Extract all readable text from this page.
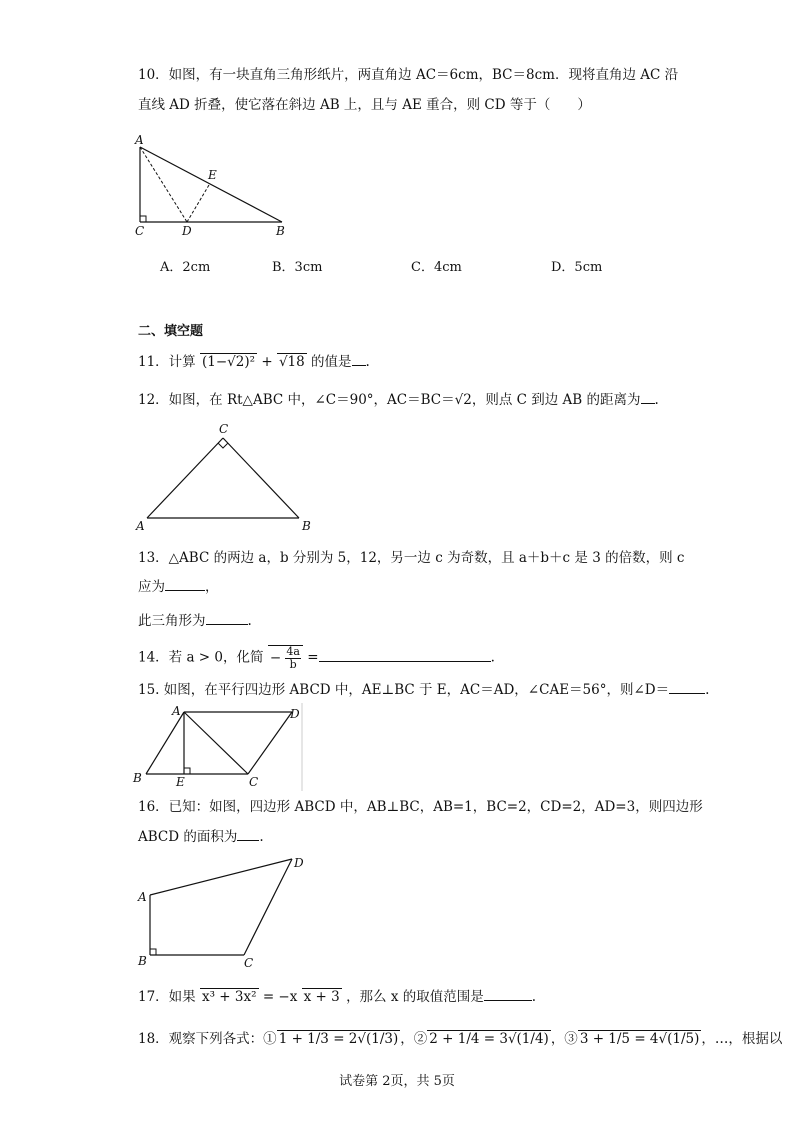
10．如图，有一块直角三角形纸片，两直角边 AC＝6cm，BC＝8cm．现将直角边 AC 沿
直线 AD 折叠，使它落在斜边 AB 上，且与 AE 重合，则 CD 等于（　　）
A
E
C	D	B
A．2cm	B．3cm	C．4cm	D．5cm
二、填空题
11．计算 (1−√2)² + √18 的值是 .
12．如图，在 Rt△ABC 中，∠C＝90°，AC＝BC＝√2，则点 C 到边 AB 的距离为 .
C
A	B
13．△ABC 的两边 a，b 分别为 5，12，另一边 c 为奇数，且 a＋b＋c 是 3 的倍数，则 c
应为	，
此三角形为	.
14．若 a > 0，化简 − $\frac{4a}{b}$ =	.
15. 如图，在平行四边形 ABCD 中，AE⊥BC 于 E，AC＝AD，∠CAE＝56°，则∠D＝	.
A	D
B	E	C
16．已知：如图，四边形 ABCD 中，AB⊥BC，AB=1，BC=2，CD=2，AD=3，则四边形
ABCD 的面积为 .
A
D
B	C
17．如果 x³ + 3x² = −x x + 3 ，那么 x 的取值范围是	.
18．观察下列各式：① 1 + 1/3 = 2√(1/3) ，② 2 + 1/4 = 3√(1/4) ，③ 3 + 1/5 = 4√(1/5) ，…，根据以
试卷第 2页，共 5页
